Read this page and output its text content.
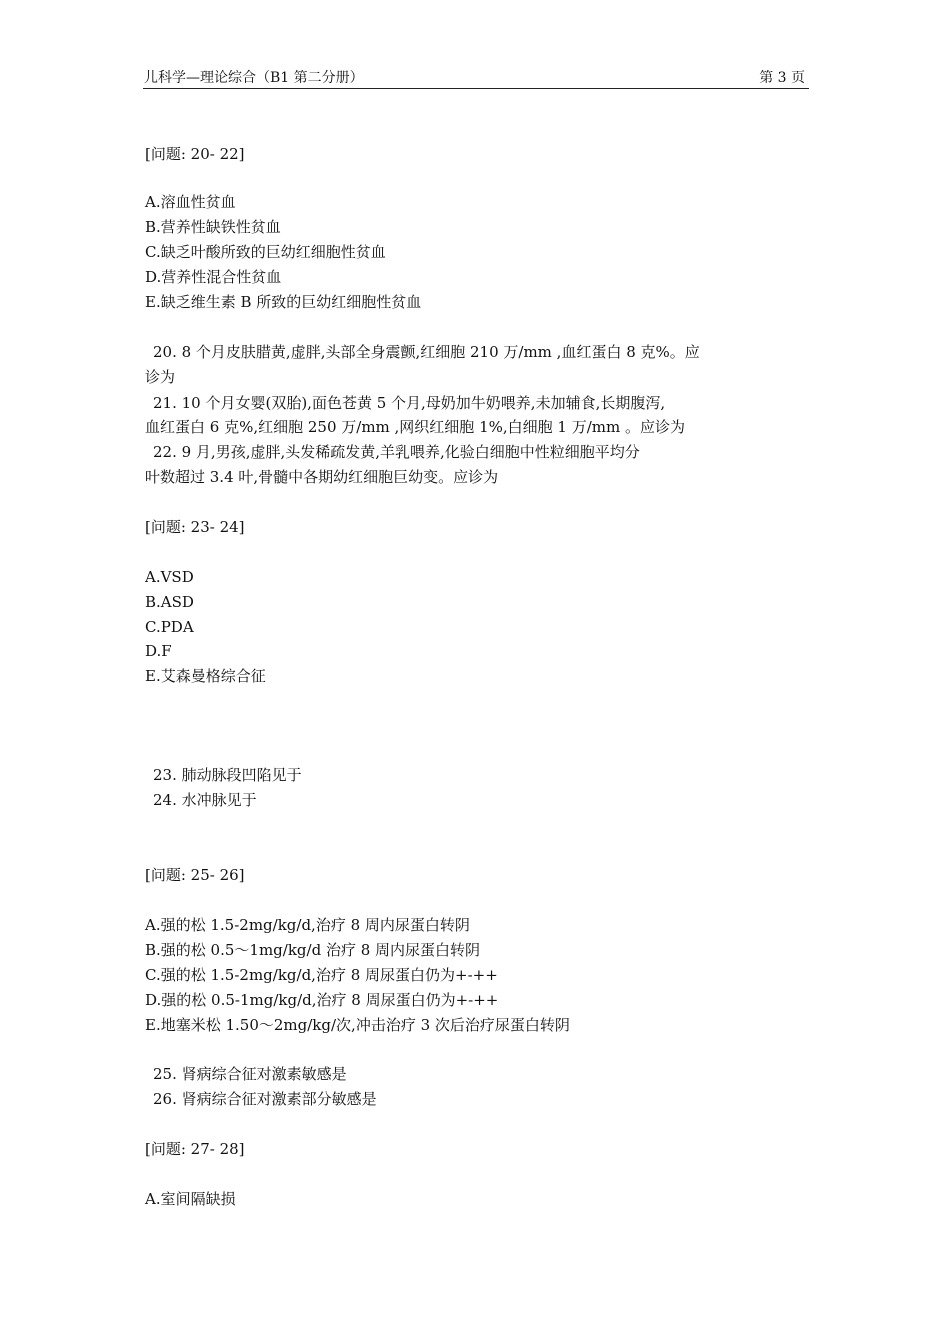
儿科学—理论综合（B1 第二分册）	第 3 页
[问题: 20- 22]
A.溶血性贫血
B.营养性缺铁性贫血
C.缺乏叶酸所致的巨幼红细胞性贫血
D.营养性混合性贫血
E.缺乏维生素 B 所致的巨幼红细胞性贫血
20. 8 个月皮肤腊黄,虚胖,头部全身震颤,红细胞 210 万/mm ,血红蛋白 8 克%。应
诊为
21. 10 个月女婴(双胎),面色苍黄 5 个月,母奶加牛奶喂养,未加辅食,长期腹泻,
血红蛋白 6 克%,红细胞 250 万/mm ,网织红细胞 1%,白细胞 1 万/mm 。应诊为
22. 9 月,男孩,虚胖,头发稀疏发黄,羊乳喂养,化验白细胞中性粒细胞平均分
叶数超过 3.4 叶,骨髓中各期幼红细胞巨幼变。应诊为
[问题: 23- 24]
A.VSD
B.ASD
C.PDA
D.F
E.艾森曼格综合征
23. 肺动脉段凹陷见于
24. 水冲脉见于
[问题: 25- 26]
A.强的松 1.5-2mg/kg/d,治疗 8 周内尿蛋白转阴
B.强的松 0.5～1mg/kg/d 治疗 8 周内尿蛋白转阴
C.强的松 1.5-2mg/kg/d,治疗 8 周尿蛋白仍为+-++
D.强的松 0.5-1mg/kg/d,治疗 8 周尿蛋白仍为+-++
E.地塞米松 1.50～2mg/kg/次,冲击治疗 3 次后治疗尿蛋白转阴
25. 肾病综合征对激素敏感是
26. 肾病综合征对激素部分敏感是
[问题: 27- 28]
A.室间隔缺损
